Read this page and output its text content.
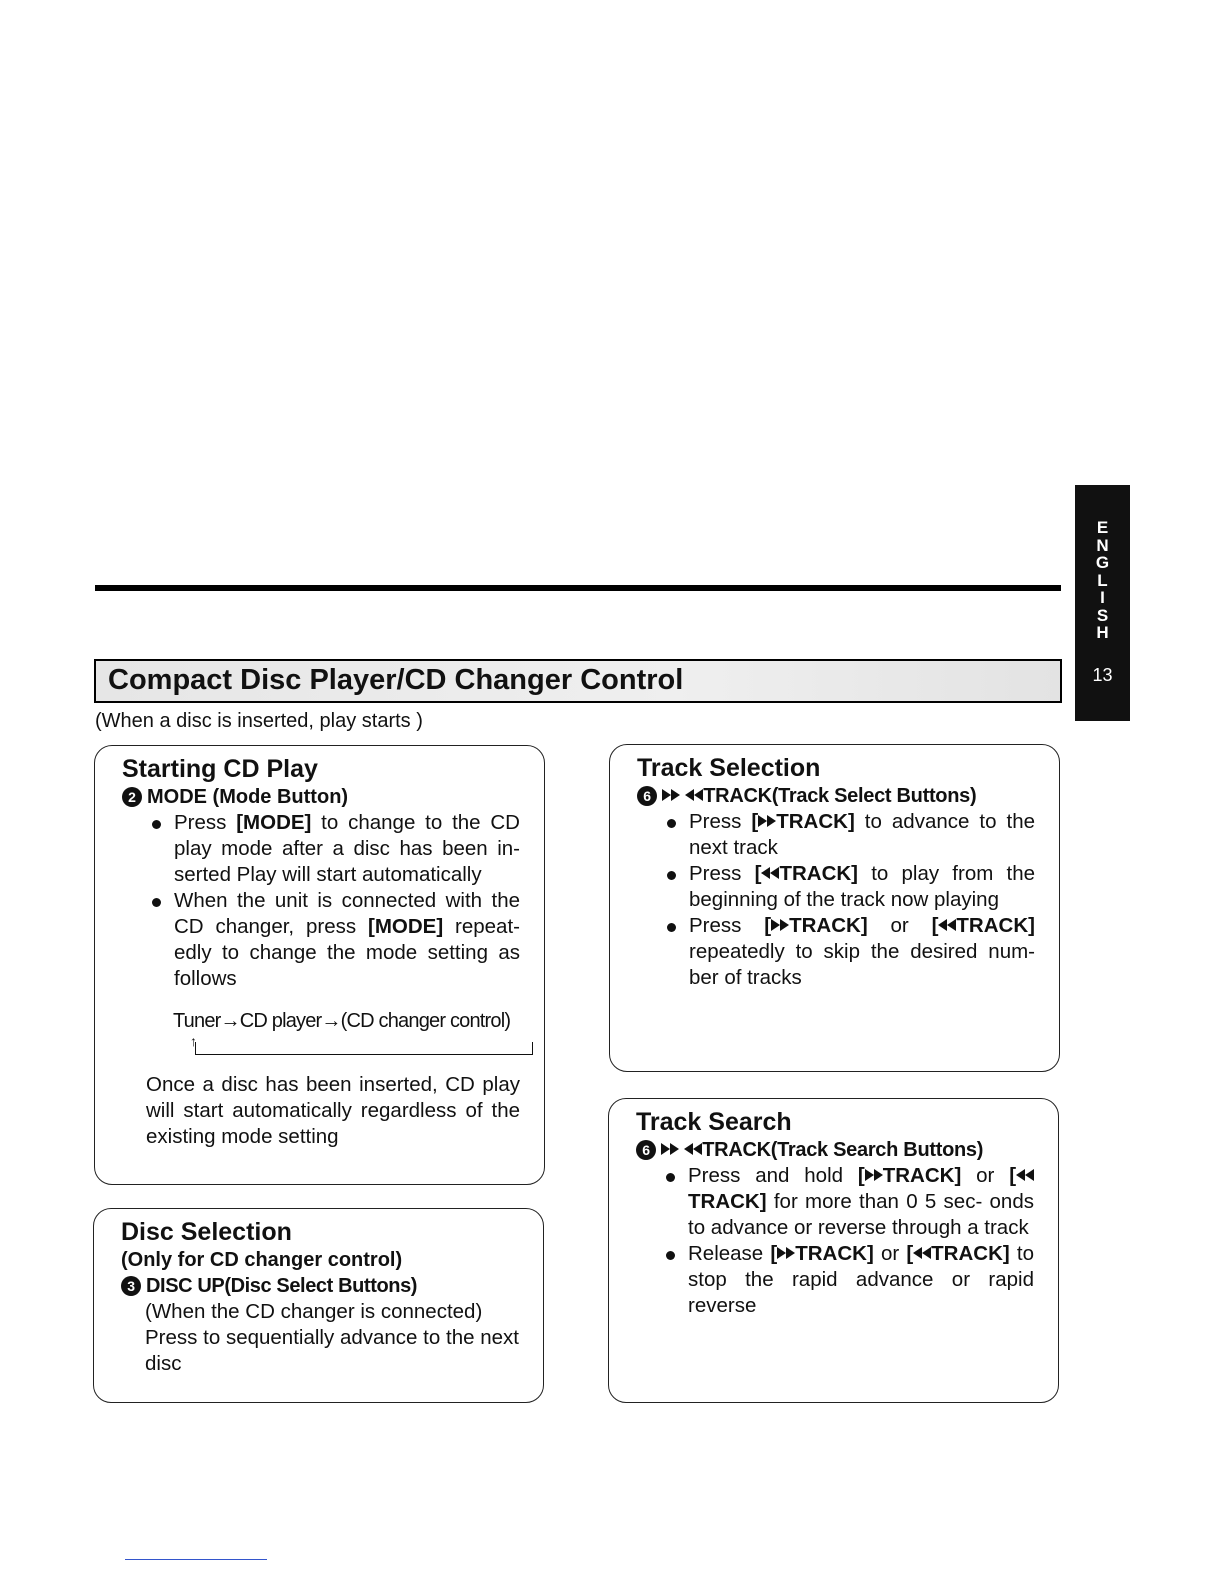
E
N
G
L
I
S
H
13
Compact Disc Player/CD Changer Control
(When a disc is inserted, play starts )
Starting CD Play
2 MODE (Mode Button)
Press [MODE] to change to the CD play mode after a disc has been in- serted Play will start automatically
When the unit is connected with the CD changer, press [MODE] repeat- edly to change the mode setting as follows
Tuner→CD player→(CD changer control)
↑

Once a disc has been inserted, CD play will start automatically regardless of the existing mode setting

Disc Selection
(Only for CD changer control)
3 DISC UP(Disc Select Buttons)

(When the CD changer is connected)

Press to sequentially advance to the next disc

Track Selection
6	TRACK(Track Select Buttons)
Press [ TRACK] to advance to the next track
Press [ TRACK] to play from the beginning of the track now playing
Press [ TRACK] or [ TRACK] repeatedly to skip the desired num- ber of tracks
Track Search
6	TRACK(Track Search Buttons)
Press and hold [ TRACK] or [TRACK] for more than 0 5 sec- onds to advance or reverse through a track
Release [ TRACK] or [ TRACK] to stop the rapid advance or rapid reverse
